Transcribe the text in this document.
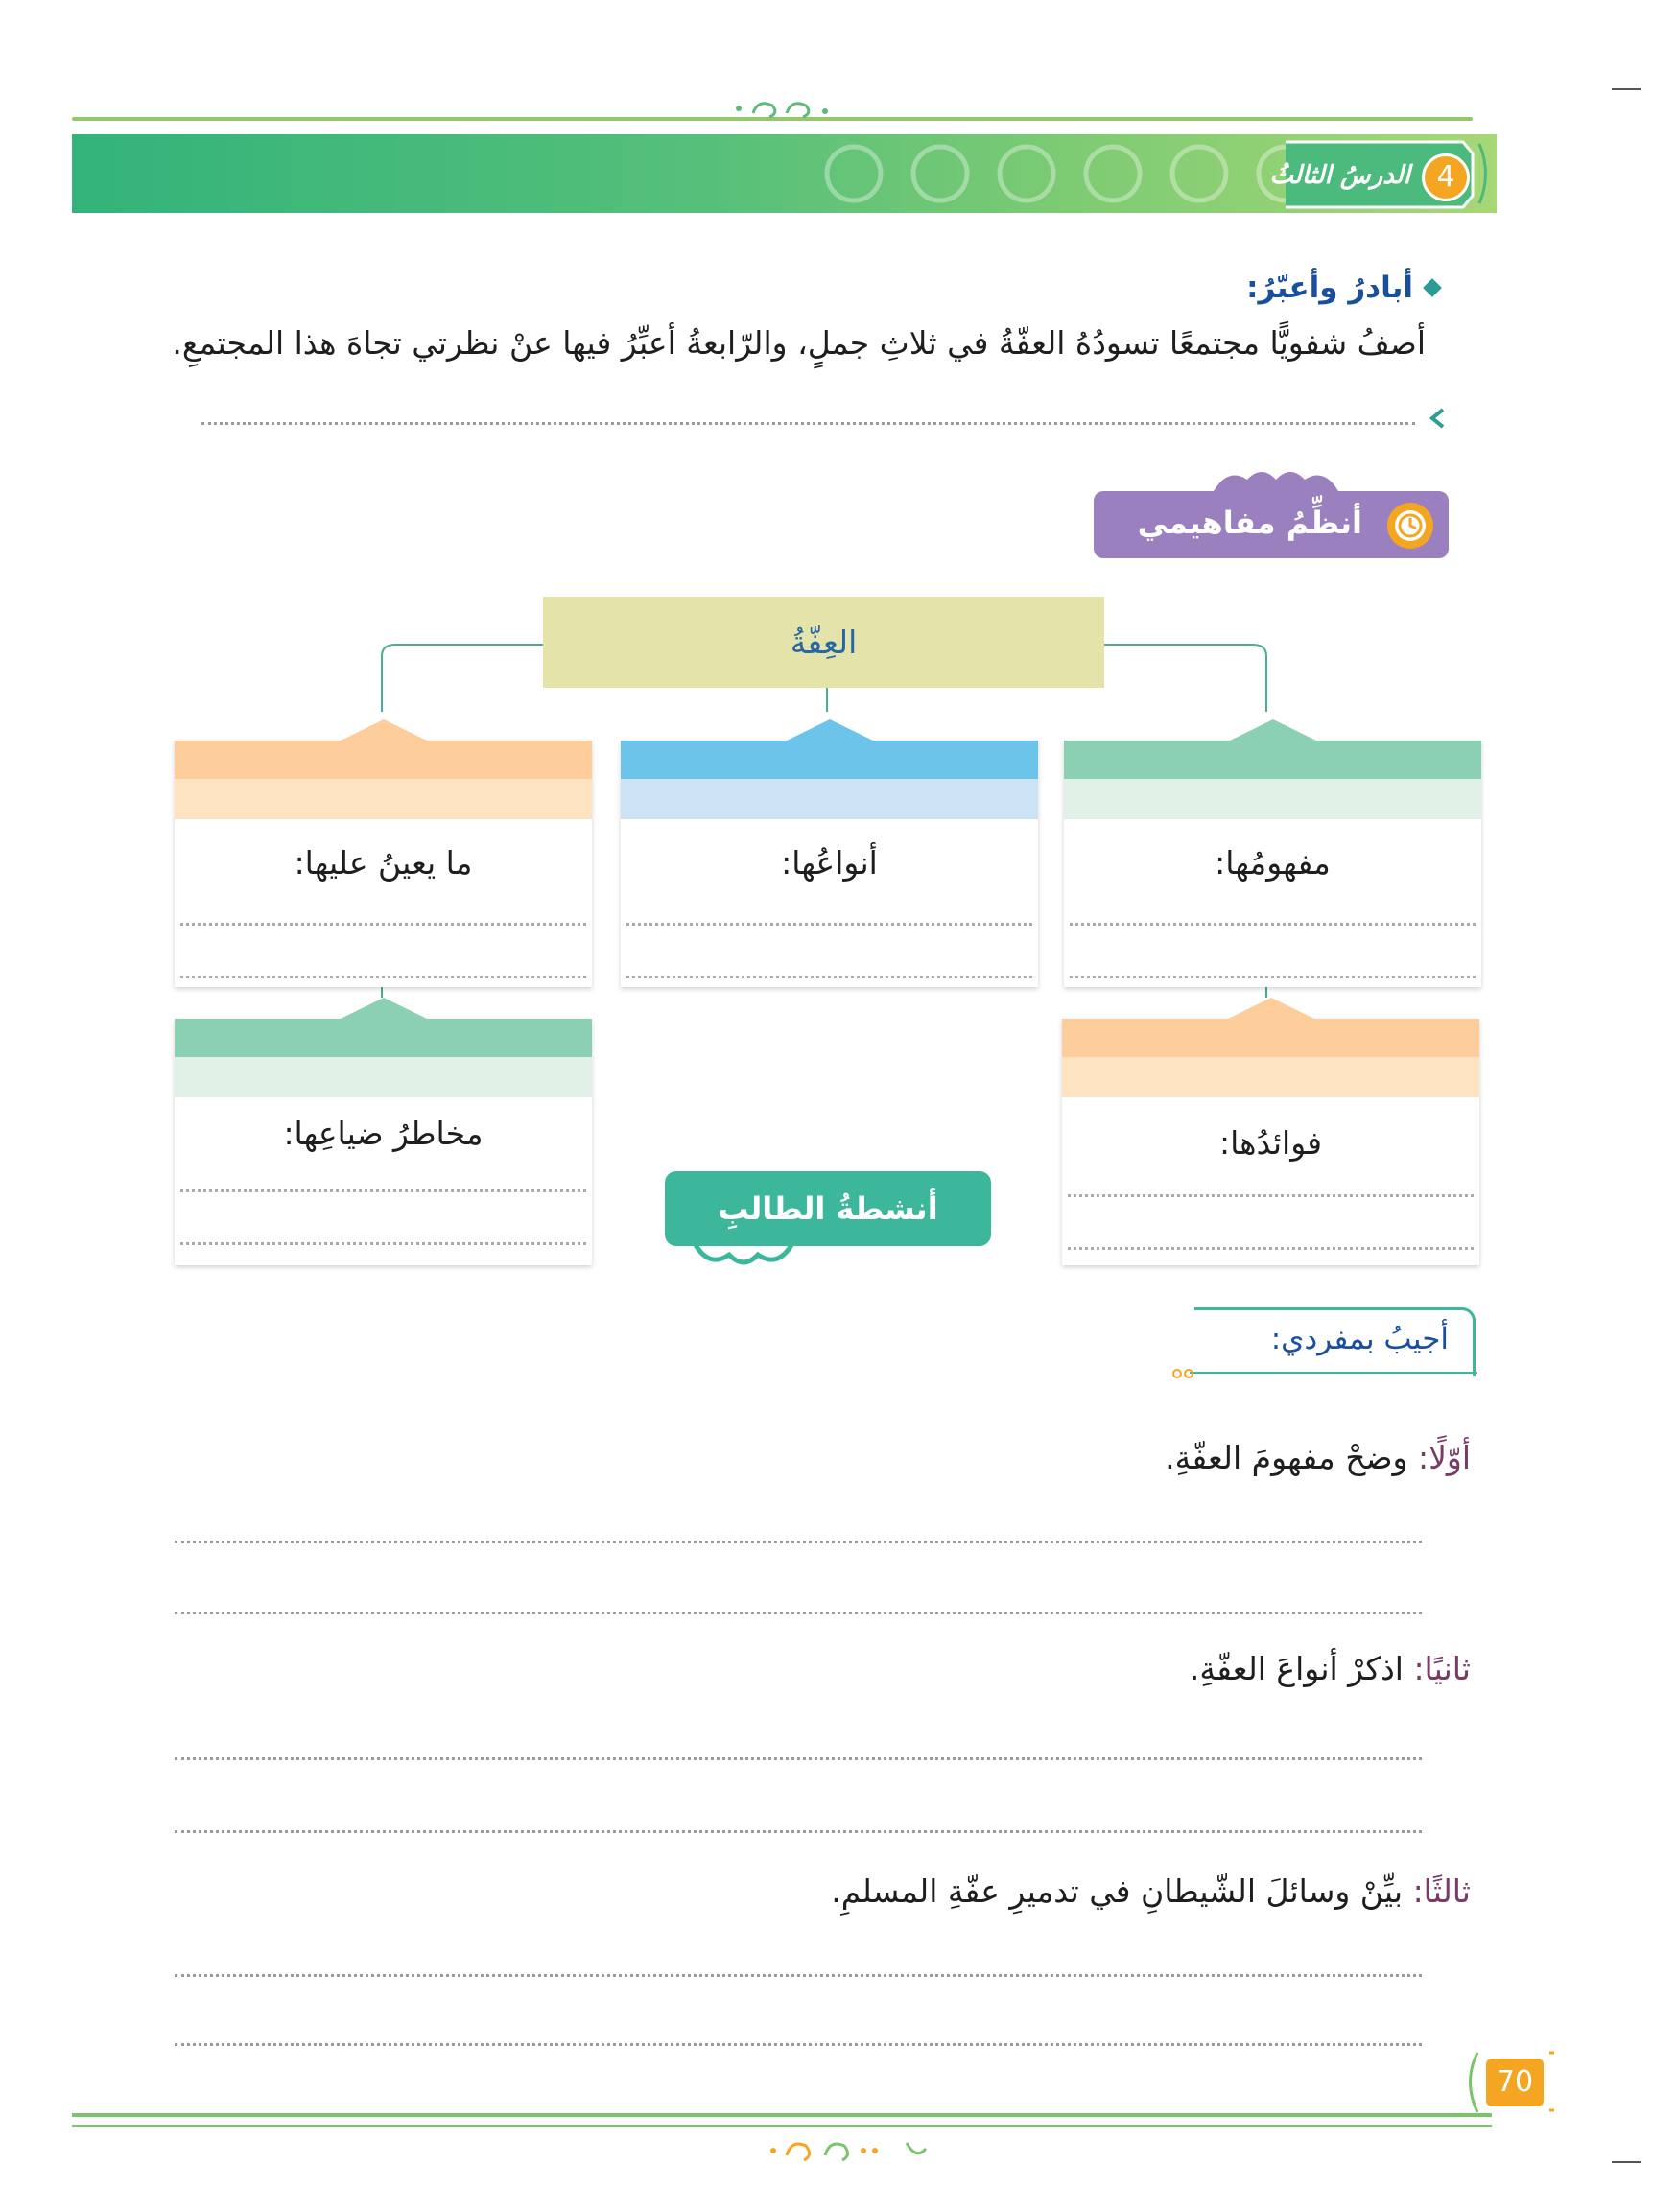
4
الدرسُ الثالثُ
أبادرُ وأعبّرُ:
أصفُ شفويًّا مجتمعًا تسودُهُ العفّةُ في ثلاثِ جملٍ، والرّابعةُ أعبِّرُ فيها عنْ نظرتي تجاهَ هذا المجتمعِ.
أنظِّمُ مفاهيمي
العِفّةُ
مفهومُها:
أنواعُها:
ما يعينُ عليها:
فوائدُها:
مخاطرُ ضياعِها:
أنشطةُ الطالبِ
أجيبُ بمفردي:
أوّلًا: وضحْ مفهومَ العفّةِ.
ثانيًا: اذكرْ أنواعَ العفّةِ.
ثالثًا: بيِّنْ وسائلَ الشّيطانِ في تدميرِ عفّةِ المسلمِ.
70
